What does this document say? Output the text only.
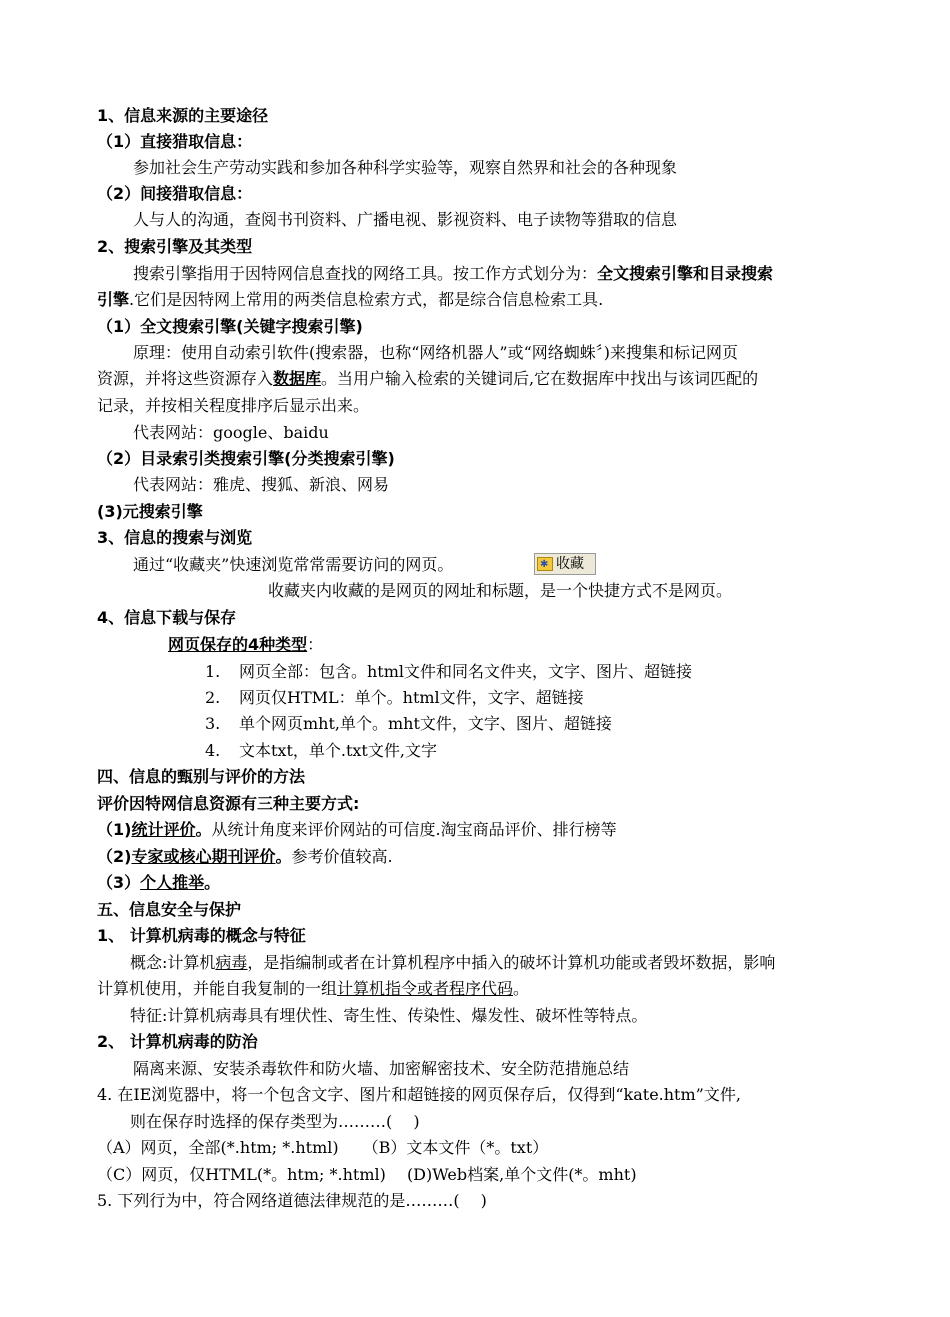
1、信息来源的主要途径
（1）直接猎取信息：
参加社会生产劳动实践和参加各种科学实验等，观察自然界和社会的各种现象
（2）间接猎取信息：
人与人的沟通，查阅书刊资料、广播电视、影视资料、电子读物等猎取的信息
2、搜索引擎及其类型
搜索引擎指用于因特网信息查找的网络工具。按工作方式划分为：全文搜索引擎和目录搜索
引擎.它们是因特网上常用的两类信息检索方式，都是综合信息检索工具.
（1）全文搜索引擎(关键字搜索引擎)
原理：使用自动索引软件(搜索器，也称“网络机器人”或“网络蜘蛛〞)来搜集和标记网页
资源，并将这些资源存入数据库。当用户输入检索的关键词后,它在数据库中找出与该词匹配的
记录，并按相关程度排序后显示出来。
代表网站：google、baidu
（2）目录索引类搜索引擎(分类搜索引擎)
代表网站：雅虎、搜狐、新浪、网易
(3)元搜索引擎
3、信息的搜索与浏览
通过“收藏夹”快速浏览常常需要访问的网页。
✱	收藏
收藏夹内收藏的是网页的网址和标题，是一个快捷方式不是网页。
4、信息下载与保存
网页保存的4种类型：
1. 网页全部：包含。html文件和同名文件夹，文字、图片、超链接
2. 网页仅HTML：单个。html文件，文字、超链接
3. 单个网页mht,单个。mht文件，文字、图片、超链接
4. 文本txt，单个.txt文件,文字
四、信息的甄别与评价的方法
评价因特网信息资源有三种主要方式:
（1)统计评价。从统计角度来评价网站的可信度.淘宝商品评价、排行榜等
（2)专家或核心期刊评价。参考价值较高.
（3）个人推举。
五、信息安全与保护
1、 计算机病毒的概念与特征
概念:计算机病毒，是指编制或者在计算机程序中插入的破坏计算机功能或者毁坏数据，影响
计算机使用，并能自我复制的一组计算机指令或者程序代码。
特征:计算机病毒具有埋伏性、寄生性、传染性、爆发性、破坏性等特点。
2、 计算机病毒的防治
隔离来源、安装杀毒软件和防火墙、加密解密技术、安全防范措施总结
4. 在IE浏览器中，将一个包含文字、图片和超链接的网页保存后，仅得到“kate.htm”文件,
则在保存时选择的保存类型为………(　 )
（A）网页，全部(*.htm; *.html)　　（B）文本文件（*。txt）
（C）网页，仅HTML(*。htm; *.html)　 (D)Web档案,单个文件(*。mht)
5. 下列行为中，符合网络道德法律规范的是………(　 )
